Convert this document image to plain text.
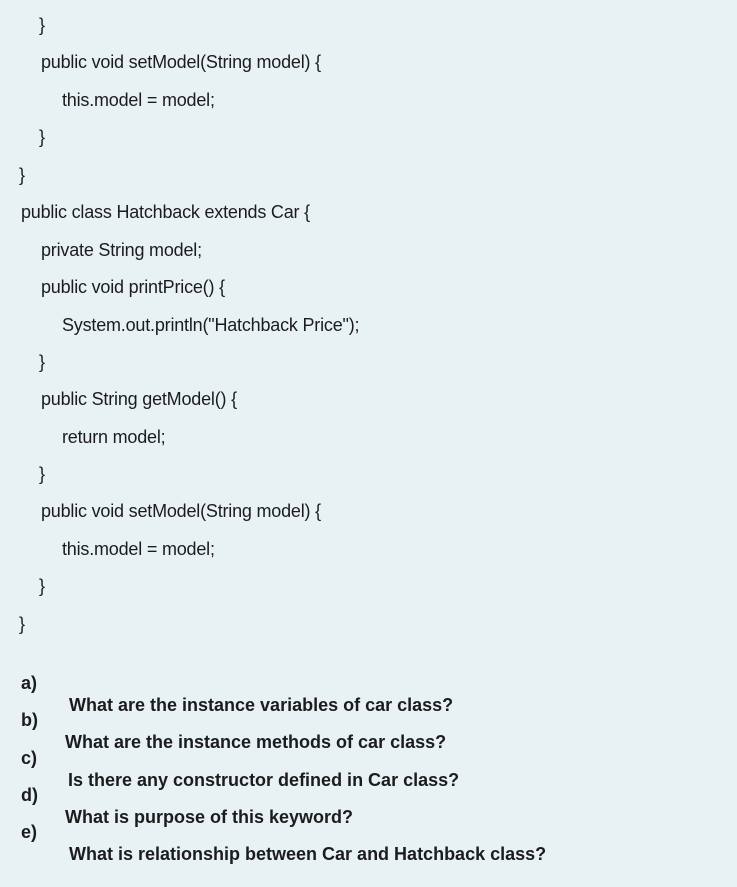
}
public void setModel(String model) {
this.model = model;
}
}
public class Hatchback extends Car {
private String model;
public void printPrice() {
System.out.println("Hatchback Price");
}
public String getModel() {
return model;
}
public void setModel(String model) {
this.model = model;
}
}

a)

What are the instance variables of car class?

b)

What are the instance methods of car class?

c)

Is there any constructor defined in Car class?

d)

What is purpose of this keyword?

e)

What is relationship between Car and Hatchback class?
